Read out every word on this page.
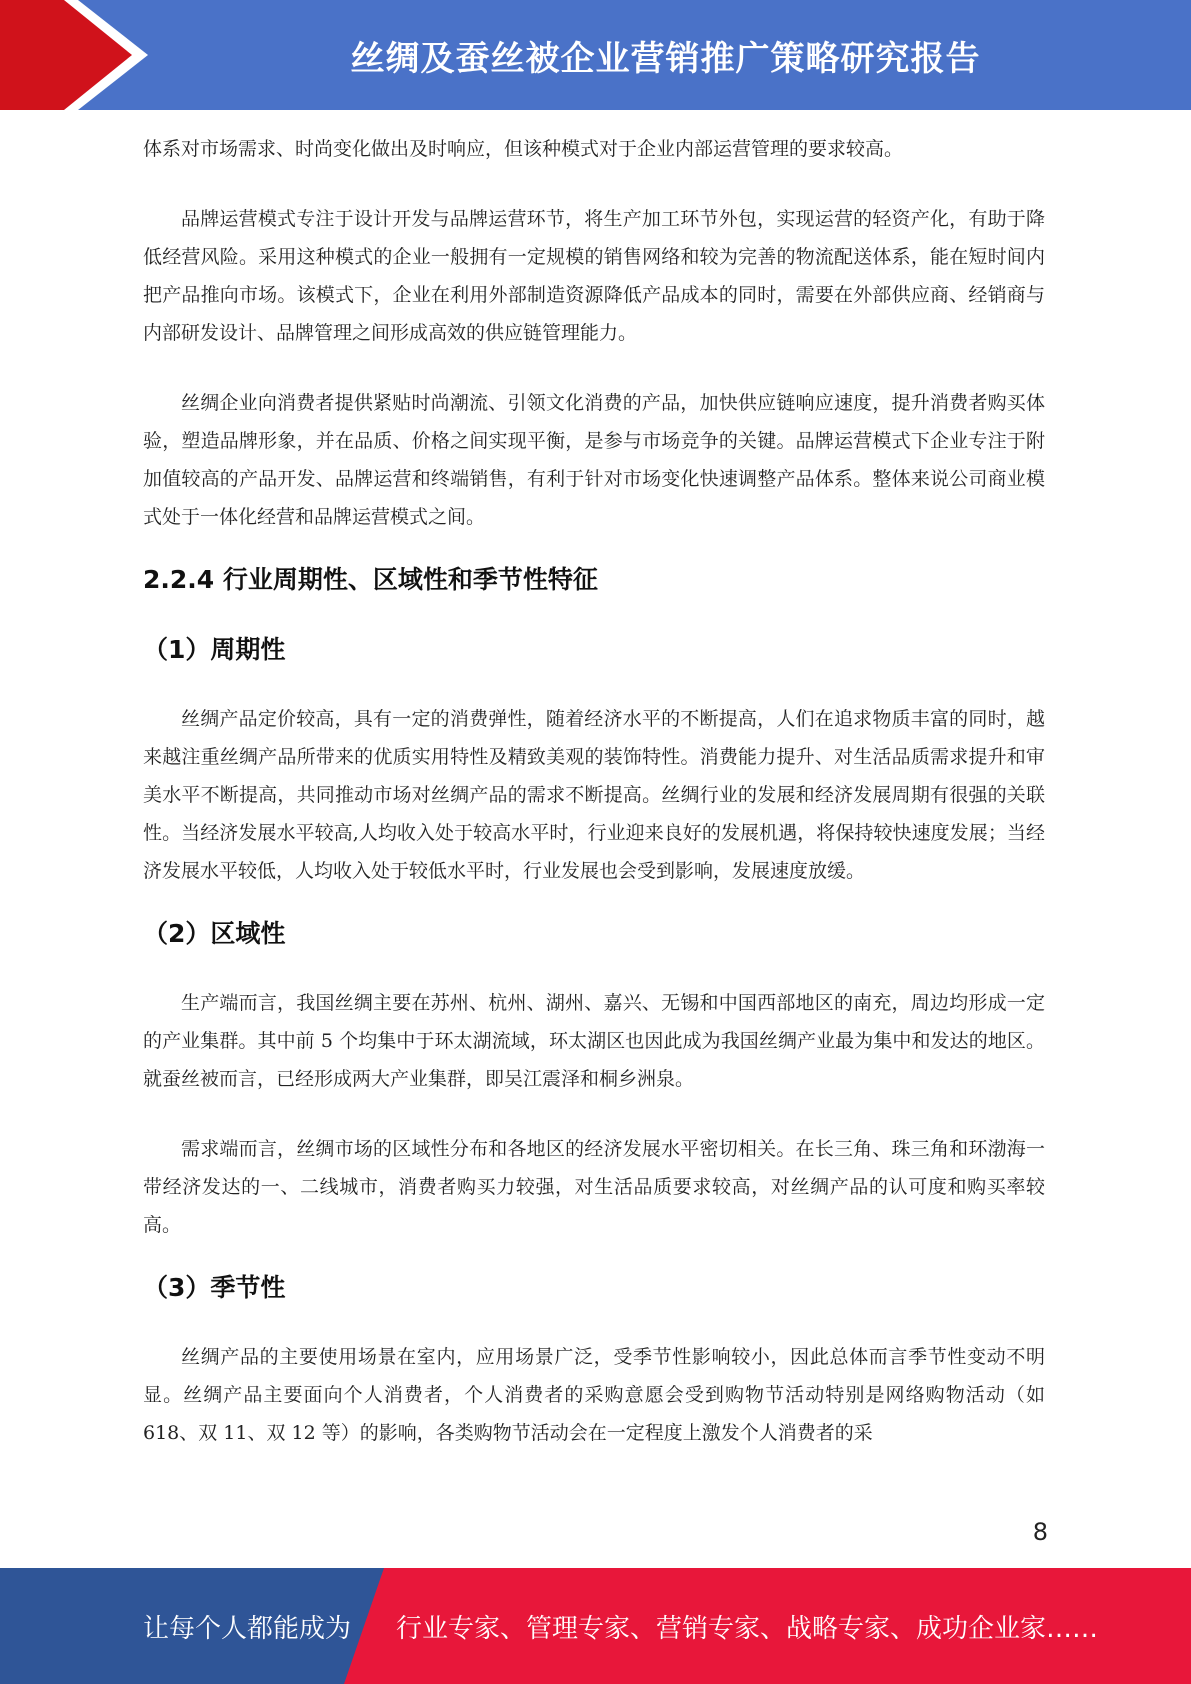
丝绸及蚕丝被企业营销推广策略研究报告

体系对市场需求、时尚变化做出及时响应，但该种模式对于企业内部运营管理的要求较高。

品牌运营模式专注于设计开发与品牌运营环节，将生产加工环节外包，实现运营的轻资产化，有助于降低经营风险。采用这种模式的企业一般拥有一定规模的销售网络和较为完善的物流配送体系，能在短时间内把产品推向市场。该模式下，企业在利用外部制造资源降低产品成本的同时，需要在外部供应商、经销商与内部研发设计、品牌管理之间形成高效的供应链管理能力。

丝绸企业向消费者提供紧贴时尚潮流、引领文化消费的产品，加快供应链响应速度，提升消费者购买体验，塑造品牌形象，并在品质、价格之间实现平衡，是参与市场竞争的关键。品牌运营模式下企业专注于附加值较高的产品开发、品牌运营和终端销售，有利于针对市场变化快速调整产品体系。整体来说公司商业模式处于一体化经营和品牌运营模式之间。

2.2.4 行业周期性、区域性和季节性特征
（1）周期性

丝绸产品定价较高，具有一定的消费弹性，随着经济水平的不断提高，人们在追求物质丰富的同时，越来越注重丝绸产品所带来的优质实用特性及精致美观的装饰特性。消费能力提升、对生活品质需求提升和审美水平不断提高，共同推动市场对丝绸产品的需求不断提高。丝绸行业的发展和经济发展周期有很强的关联性。当经济发展水平较高,人均收入处于较高水平时，行业迎来良好的发展机遇，将保持较快速度发展；当经济发展水平较低，人均收入处于较低水平时，行业发展也会受到影响，发展速度放缓。

（2）区域性

生产端而言，我国丝绸主要在苏州、杭州、湖州、嘉兴、无锡和中国西部地区的南充，周边均形成一定的产业集群。其中前 5 个均集中于环太湖流域，环太湖区也因此成为我国丝绸产业最为集中和发达的地区。就蚕丝被而言，已经形成两大产业集群，即吴江震泽和桐乡洲泉。

需求端而言，丝绸市场的区域性分布和各地区的经济发展水平密切相关。在长三角、珠三角和环渤海一带经济发达的一、二线城市，消费者购买力较强，对生活品质要求较高，对丝绸产品的认可度和购买率较高。

（3）季节性

丝绸产品的主要使用场景在室内，应用场景广泛，受季节性影响较小，因此总体而言季节性变动不明显。丝绸产品主要面向个人消费者，个人消费者的采购意愿会受到购物节活动特别是网络购物活动（如 618、双 11、双 12 等）的影响，各类购物节活动会在一定程度上激发个人消费者的采

8
让每个人都能成为 行业专家、管理专家、营销专家、战略专家、成功企业家……
